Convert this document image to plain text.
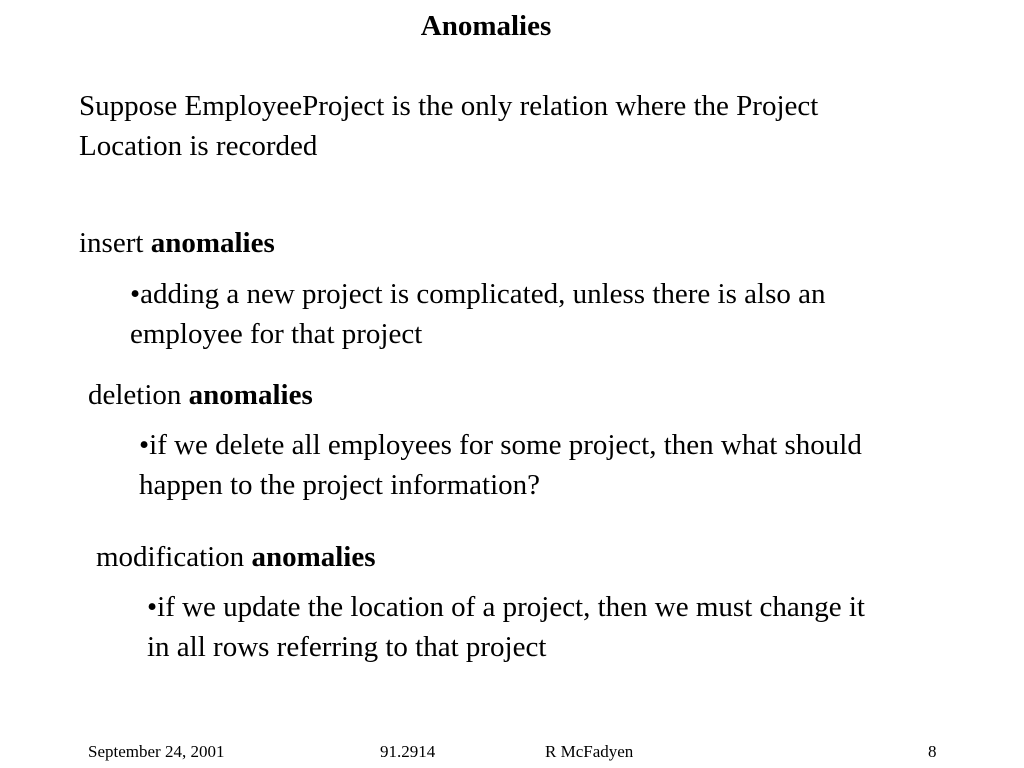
Anomalies
Suppose EmployeeProject is the only relation where the Project Location is recorded
insert anomalies
•adding a new project is complicated, unless there is also an employee for that project
deletion anomalies
•if we delete all employees for some project, then what should happen to the project information?
modification anomalies
•if we update the location of a project, then we must change it in all rows referring to that project
September 24, 2001	91.2914	R McFadyen	8
